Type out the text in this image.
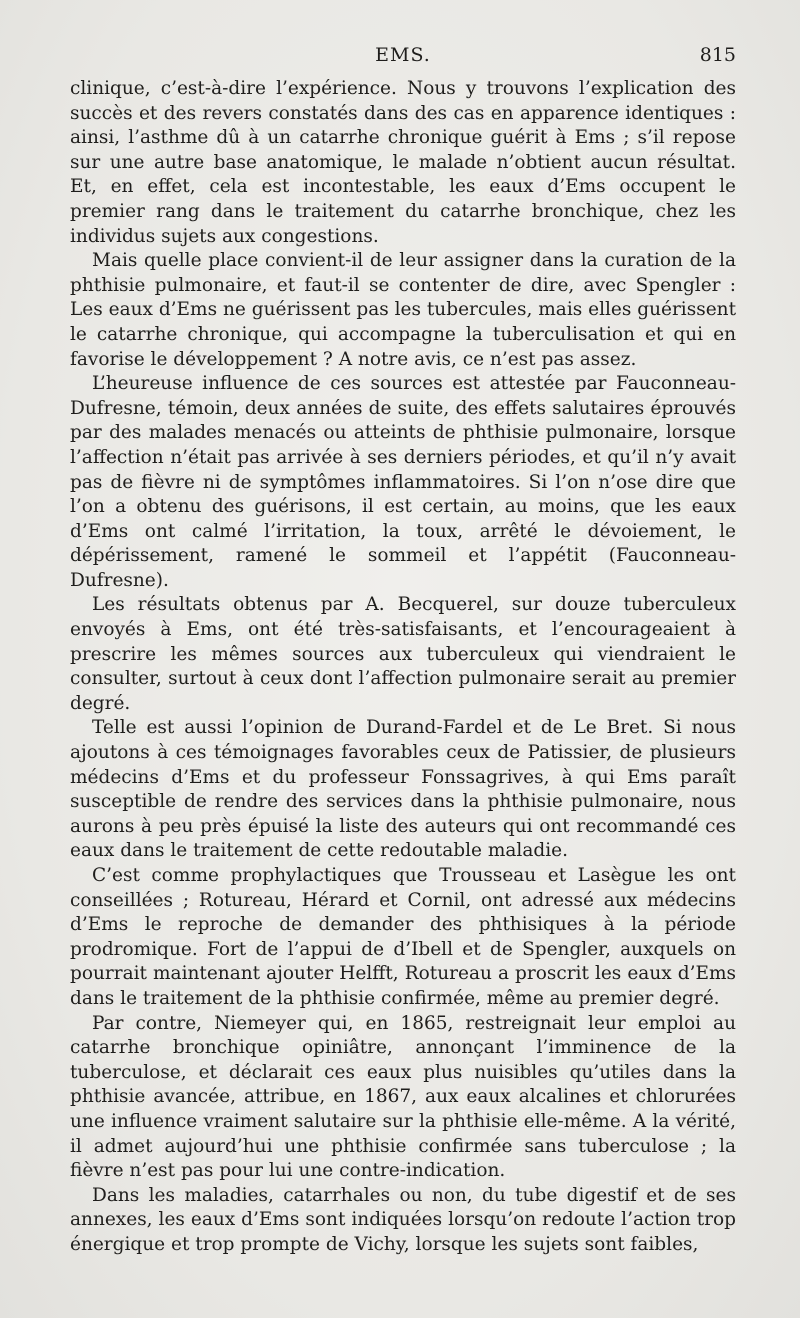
EMS.	815

clinique, c’est-à-dire l’expérience. Nous y trouvons l’explication des succès et des revers constatés dans des cas en apparence identiques : ainsi, l’asthme dû à un catarrhe chronique guérit à Ems ; s’il repose sur une autre base anatomique, le malade n’obtient aucun résultat. Et, en effet, cela est incontestable, les eaux d’Ems occupent le premier rang dans le traitement du catarrhe bronchique, chez les individus sujets aux congestions.

Mais quelle place convient-il de leur assigner dans la curation de la phthisie pulmonaire, et faut-il se contenter de dire, avec Spengler : Les eaux d’Ems ne guérissent pas les tubercules, mais elles guérissent le catarrhe chronique, qui accompagne la tuberculisation et qui en favorise le développement ? A notre avis, ce n’est pas assez.

L’heureuse influence de ces sources est attestée par Fauconneau-Dufresne, témoin, deux années de suite, des effets salutaires éprouvés par des malades menacés ou atteints de phthisie pulmonaire, lorsque l’affection n’était pas arrivée à ses derniers périodes, et qu’il n’y avait pas de fièvre ni de symptômes inflammatoires. Si l’on n’ose dire que l’on a obtenu des guérisons, il est certain, au moins, que les eaux d’Ems ont calmé l’irritation, la toux, arrêté le dévoiement, le dépérissement, ramené le sommeil et l’appétit (Fauconneau-Dufresne).

Les résultats obtenus par A. Becquerel, sur douze tuberculeux envoyés à Ems, ont été très-satisfaisants, et l’encourageaient à prescrire les mêmes sources aux tuberculeux qui viendraient le consulter, surtout à ceux dont l’affection pulmonaire serait au premier degré.

Telle est aussi l’opinion de Durand-Fardel et de Le Bret. Si nous ajoutons à ces témoignages favorables ceux de Patissier, de plusieurs médecins d’Ems et du professeur Fonssagrives, à qui Ems paraît susceptible de rendre des services dans la phthisie pulmonaire, nous aurons à peu près épuisé la liste des auteurs qui ont recommandé ces eaux dans le traitement de cette redoutable maladie.

C’est comme prophylactiques que Trousseau et Lasègue les ont conseillées ; Rotureau, Hérard et Cornil, ont adressé aux médecins d’Ems le reproche de demander des phthisiques à la période prodromique. Fort de l’appui de d’Ibell et de Spengler, auxquels on pourrait maintenant ajouter Helfft, Rotureau a proscrit les eaux d’Ems dans le traitement de la phthisie confirmée, même au premier degré.

Par contre, Niemeyer qui, en 1865, restreignait leur emploi au catarrhe bronchique opiniâtre, annonçant l’imminence de la tuberculose, et déclarait ces eaux plus nuisibles qu’utiles dans la phthisie avancée, attribue, en 1867, aux eaux alcalines et chlorurées une influence vraiment salutaire sur la phthisie elle-même. A la vérité, il admet aujourd’hui une phthisie confirmée sans tuberculose ; la fièvre n’est pas pour lui une contre-indication.

Dans les maladies, catarrhales ou non, du tube digestif et de ses annexes, les eaux d’Ems sont indiquées lorsqu’on redoute l’action trop énergique et trop prompte de Vichy, lorsque les sujets sont faibles,
